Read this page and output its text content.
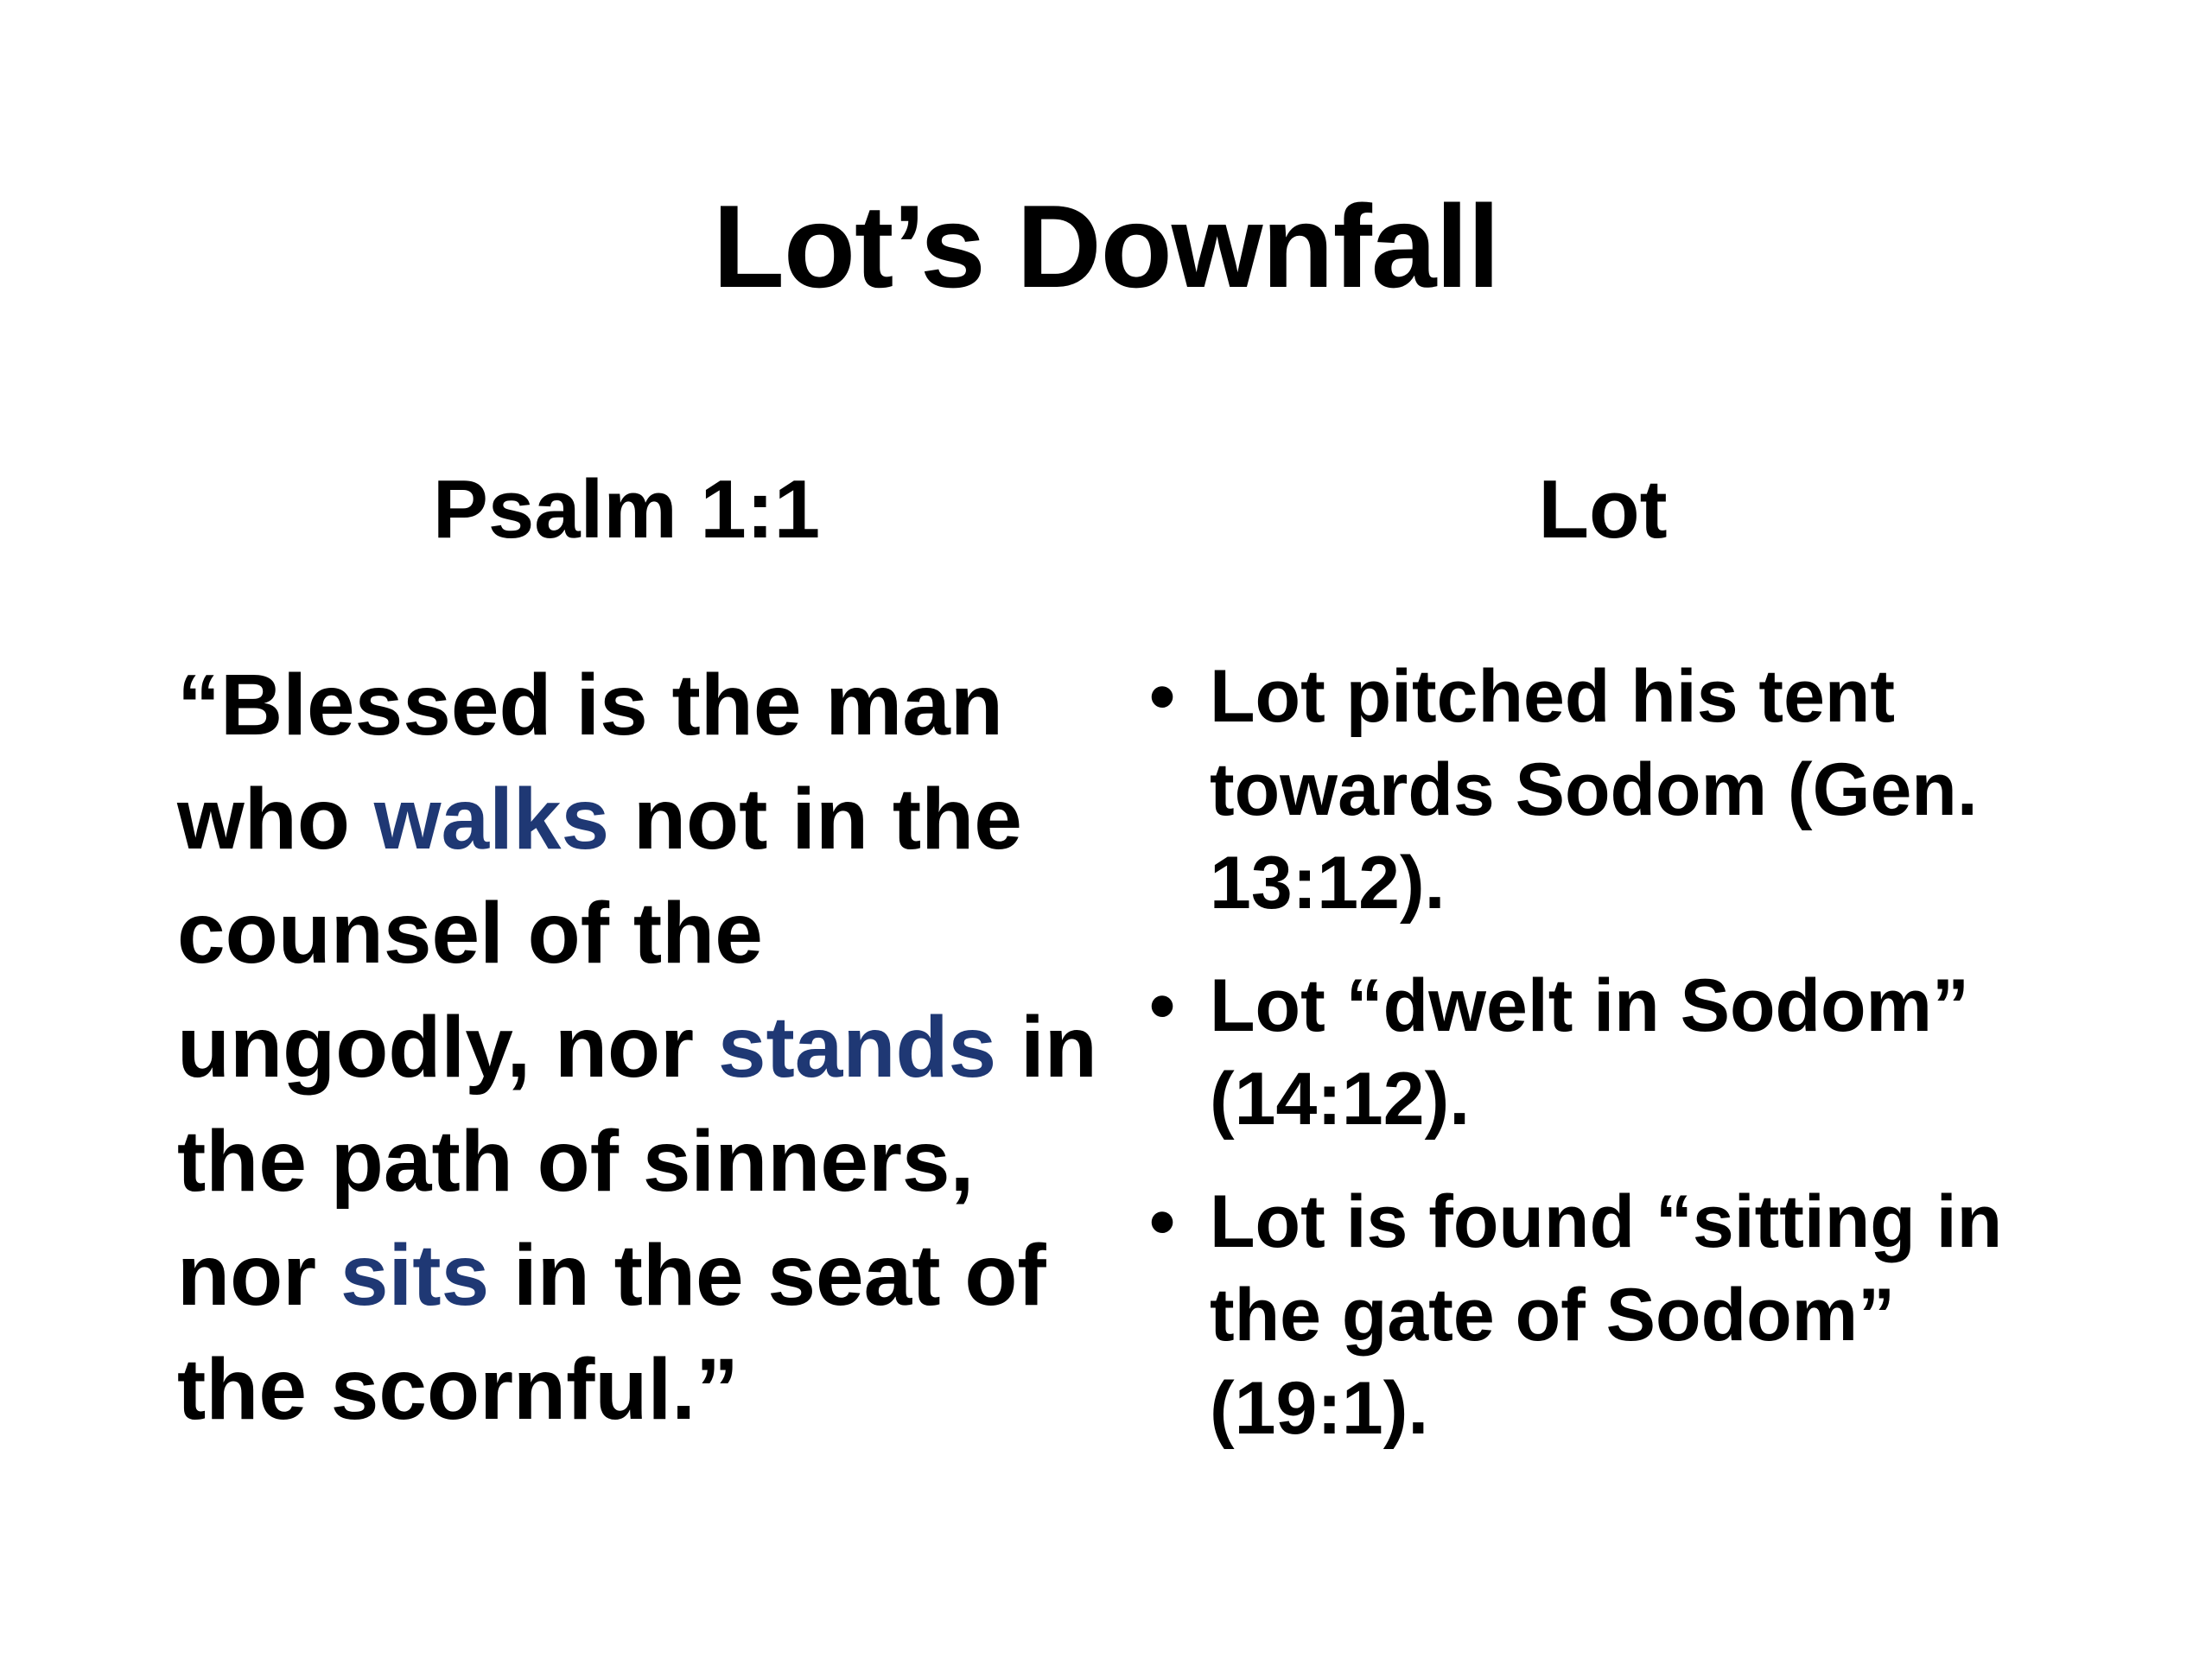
Lot’s Downfall
Psalm 1:1	Lot
“Blessed is the man who walks not in the counsel of the ungodly, nor stands in the path of sinners, nor sits in the seat of the scornful.”
• Lot pitched his tent towards Sodom (Gen. 13:12).
• Lot “dwelt in Sodom” (14:12).
• Lot is found “sitting in the gate of Sodom” (19:1).
